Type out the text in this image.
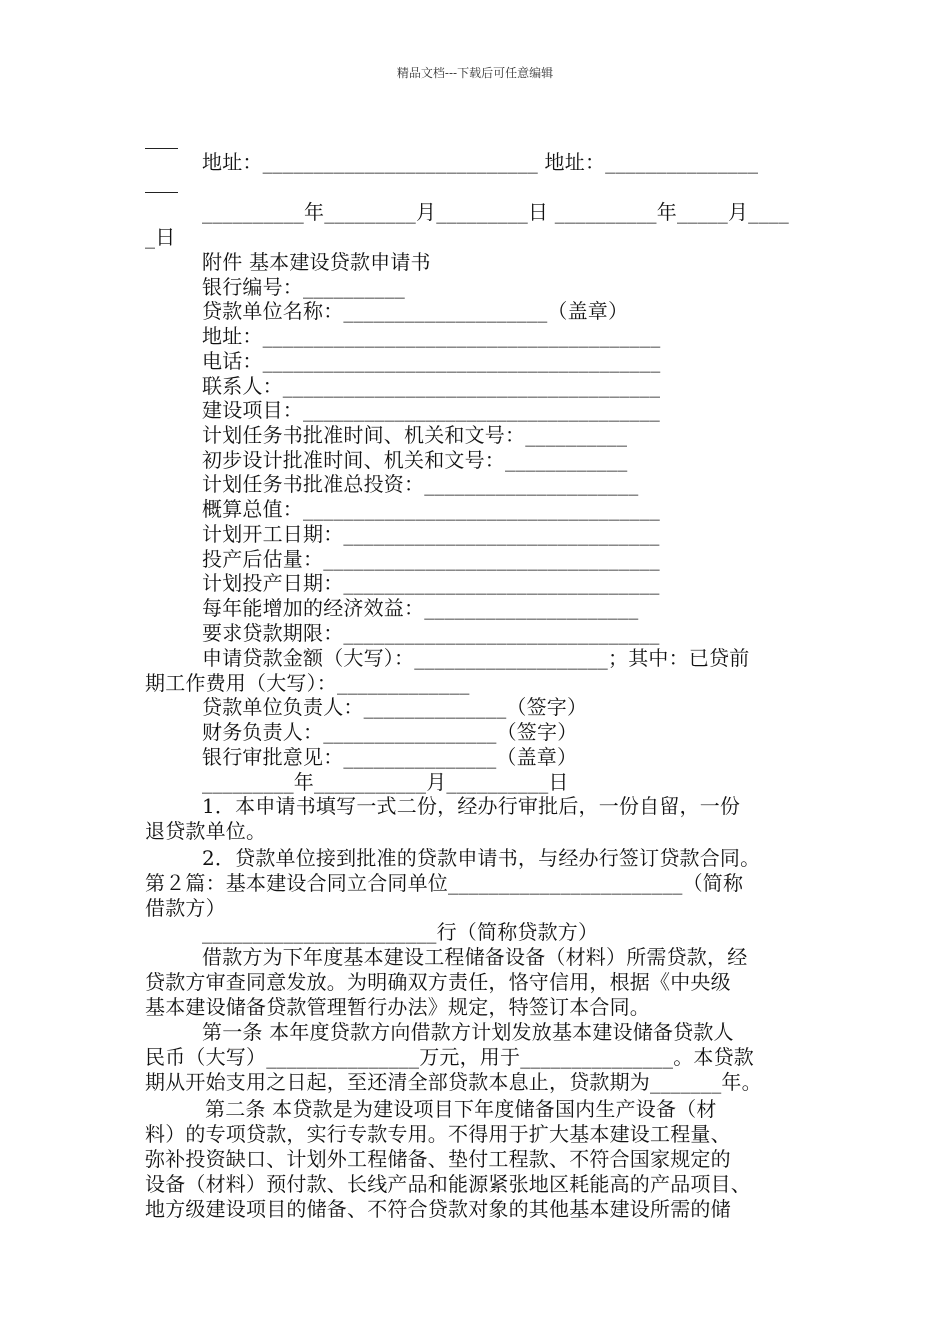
精品文档---下载后可任意编辑
地址：___________________________ 地址：_______________
__________年_________月_________日 __________年_____月____
_日
附件 基本建设贷款申请书
银行编号：__________
贷款单位名称：____________________（盖章）
地址：_______________________________________
电话：_______________________________________
联系人：_____________________________________
建设项目：___________________________________
计划任务书批准时间、机关和文号：__________
初步设计批准时间、机关和文号：____________
计划任务书批准总投资：_____________________
概算总值：___________________________________
计划开工日期：_______________________________
投产后估量：_________________________________
计划投产日期：_______________________________
每年能增加的经济效益：_____________________
要求贷款期限：_______________________________
申请贷款金额（大写）：___________________；其中：已贷前
期工作费用（大写）：_____________
贷款单位负责人：______________（签字）
财务负责人：_________________（签字）
银行审批意见：_______________（盖章）
_________年___________月__________日
1．本申请书填写一式二份，经办行审批后，一份自留，一份
退贷款单位。
2．贷款单位接到批准的贷款申请书，与经办行签订贷款合同。
第２篇：基本建设合同立合同单位_______________________（简称
借款方）
_______________________行（简称贷款方）
借款方为下年度基本建设工程储备设备（材料）所需贷款，经
贷款方审查同意发放。为明确双方责任，恪守信用，根据《中央级
基本建设储备贷款管理暂行办法》规定，特签订本合同。
第一条 本年度贷款方向借款方计划发放基本建设储备贷款人
民币（大写）_______________万元，用于_______________。本贷款
期从开始支用之日起，至还清全部贷款本息止，贷款期为_______年。
第二条 本贷款是为建设项目下年度储备国内生产设备（材
料）的专项贷款，实行专款专用。不得用于扩大基本建设工程量、
弥补投资缺口、计划外工程储备、垫付工程款、不符合国家规定的
设备（材料）预付款、长线产品和能源紧张地区耗能高的产品项目、
地方级建设项目的储备、不符合贷款对象的其他基本建设所需的储
